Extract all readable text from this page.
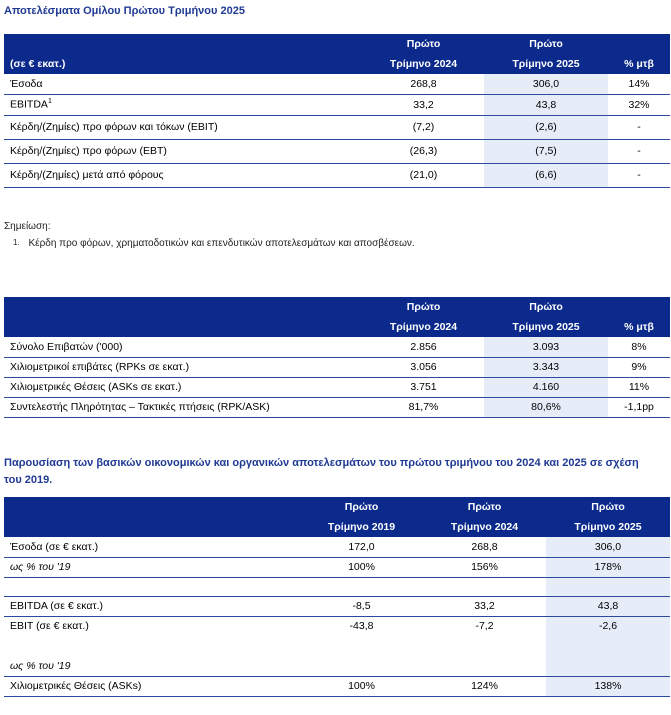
Αποτελέσματα Ομίλου Πρώτου Τριμήνου 2025
	Πρώτο	Πρώτο	
(σε € εκατ.)	Τρίμηνο 2024	Τρίμηνο 2025	% μτβ
Έσοδα	268,8	306,0	14%
EBITDA$^1$	33,2	43,8	32%
Κέρδη/(Ζημίες) προ φόρων και τόκων (EBIT)	(7,2)	(2,6)	-
Κέρδη/(Ζημίες) προ φόρων (EBT)	(26,3)	(7,5)	-
Κέρδη/(Ζημίες) μετά από φόρους	(21,0)	(6,6)	-
Σημείωση:
$^{1.}$ Κέρδη προ φόρων, χρηματοδοτικών και επενδυτικών αποτελεσμάτων και αποσβέσεων.
	Πρώτο	Πρώτο	
	Τρίμηνο 2024	Τρίμηνο 2025	% μτβ
Σύνολο Επιβατών ('000)	2.856	3.093	8%
Χιλιομετρικοί επιβάτες (RPKs σε εκατ.)	3.056	3.343	9%
Χιλιομετρικές Θέσεις (ASKs σε εκατ.)	3.751	4.160	11%
Συντελεστής Πληρότητας – Τακτικές πτήσεις (RPK/ASK)	81,7%	80,6%	-1,1pp
Παρουσίαση των βασικών οικονομικών και οργανικών αποτελεσμάτων του πρώτου τριμήνου του 2024 και 2025 σε σχέση
του 2019.
	Πρώτο	Πρώτο	Πρώτο
	Τρίμηνο 2019	Τρίμηνο 2024	Τρίμηνο 2025
Έσοδα (σε € εκατ.)	172,0	268,8	306,0
ως % του '19	100%	156%	178%

EBITDA (σε € εκατ.)	-8,5	33,2	43,8
EBIT (σε € εκατ.)	-43,8	-7,2	-2,6

ως % του '19			
Χιλιομετρικές Θέσεις (ASKs)	100%	124%	138%
